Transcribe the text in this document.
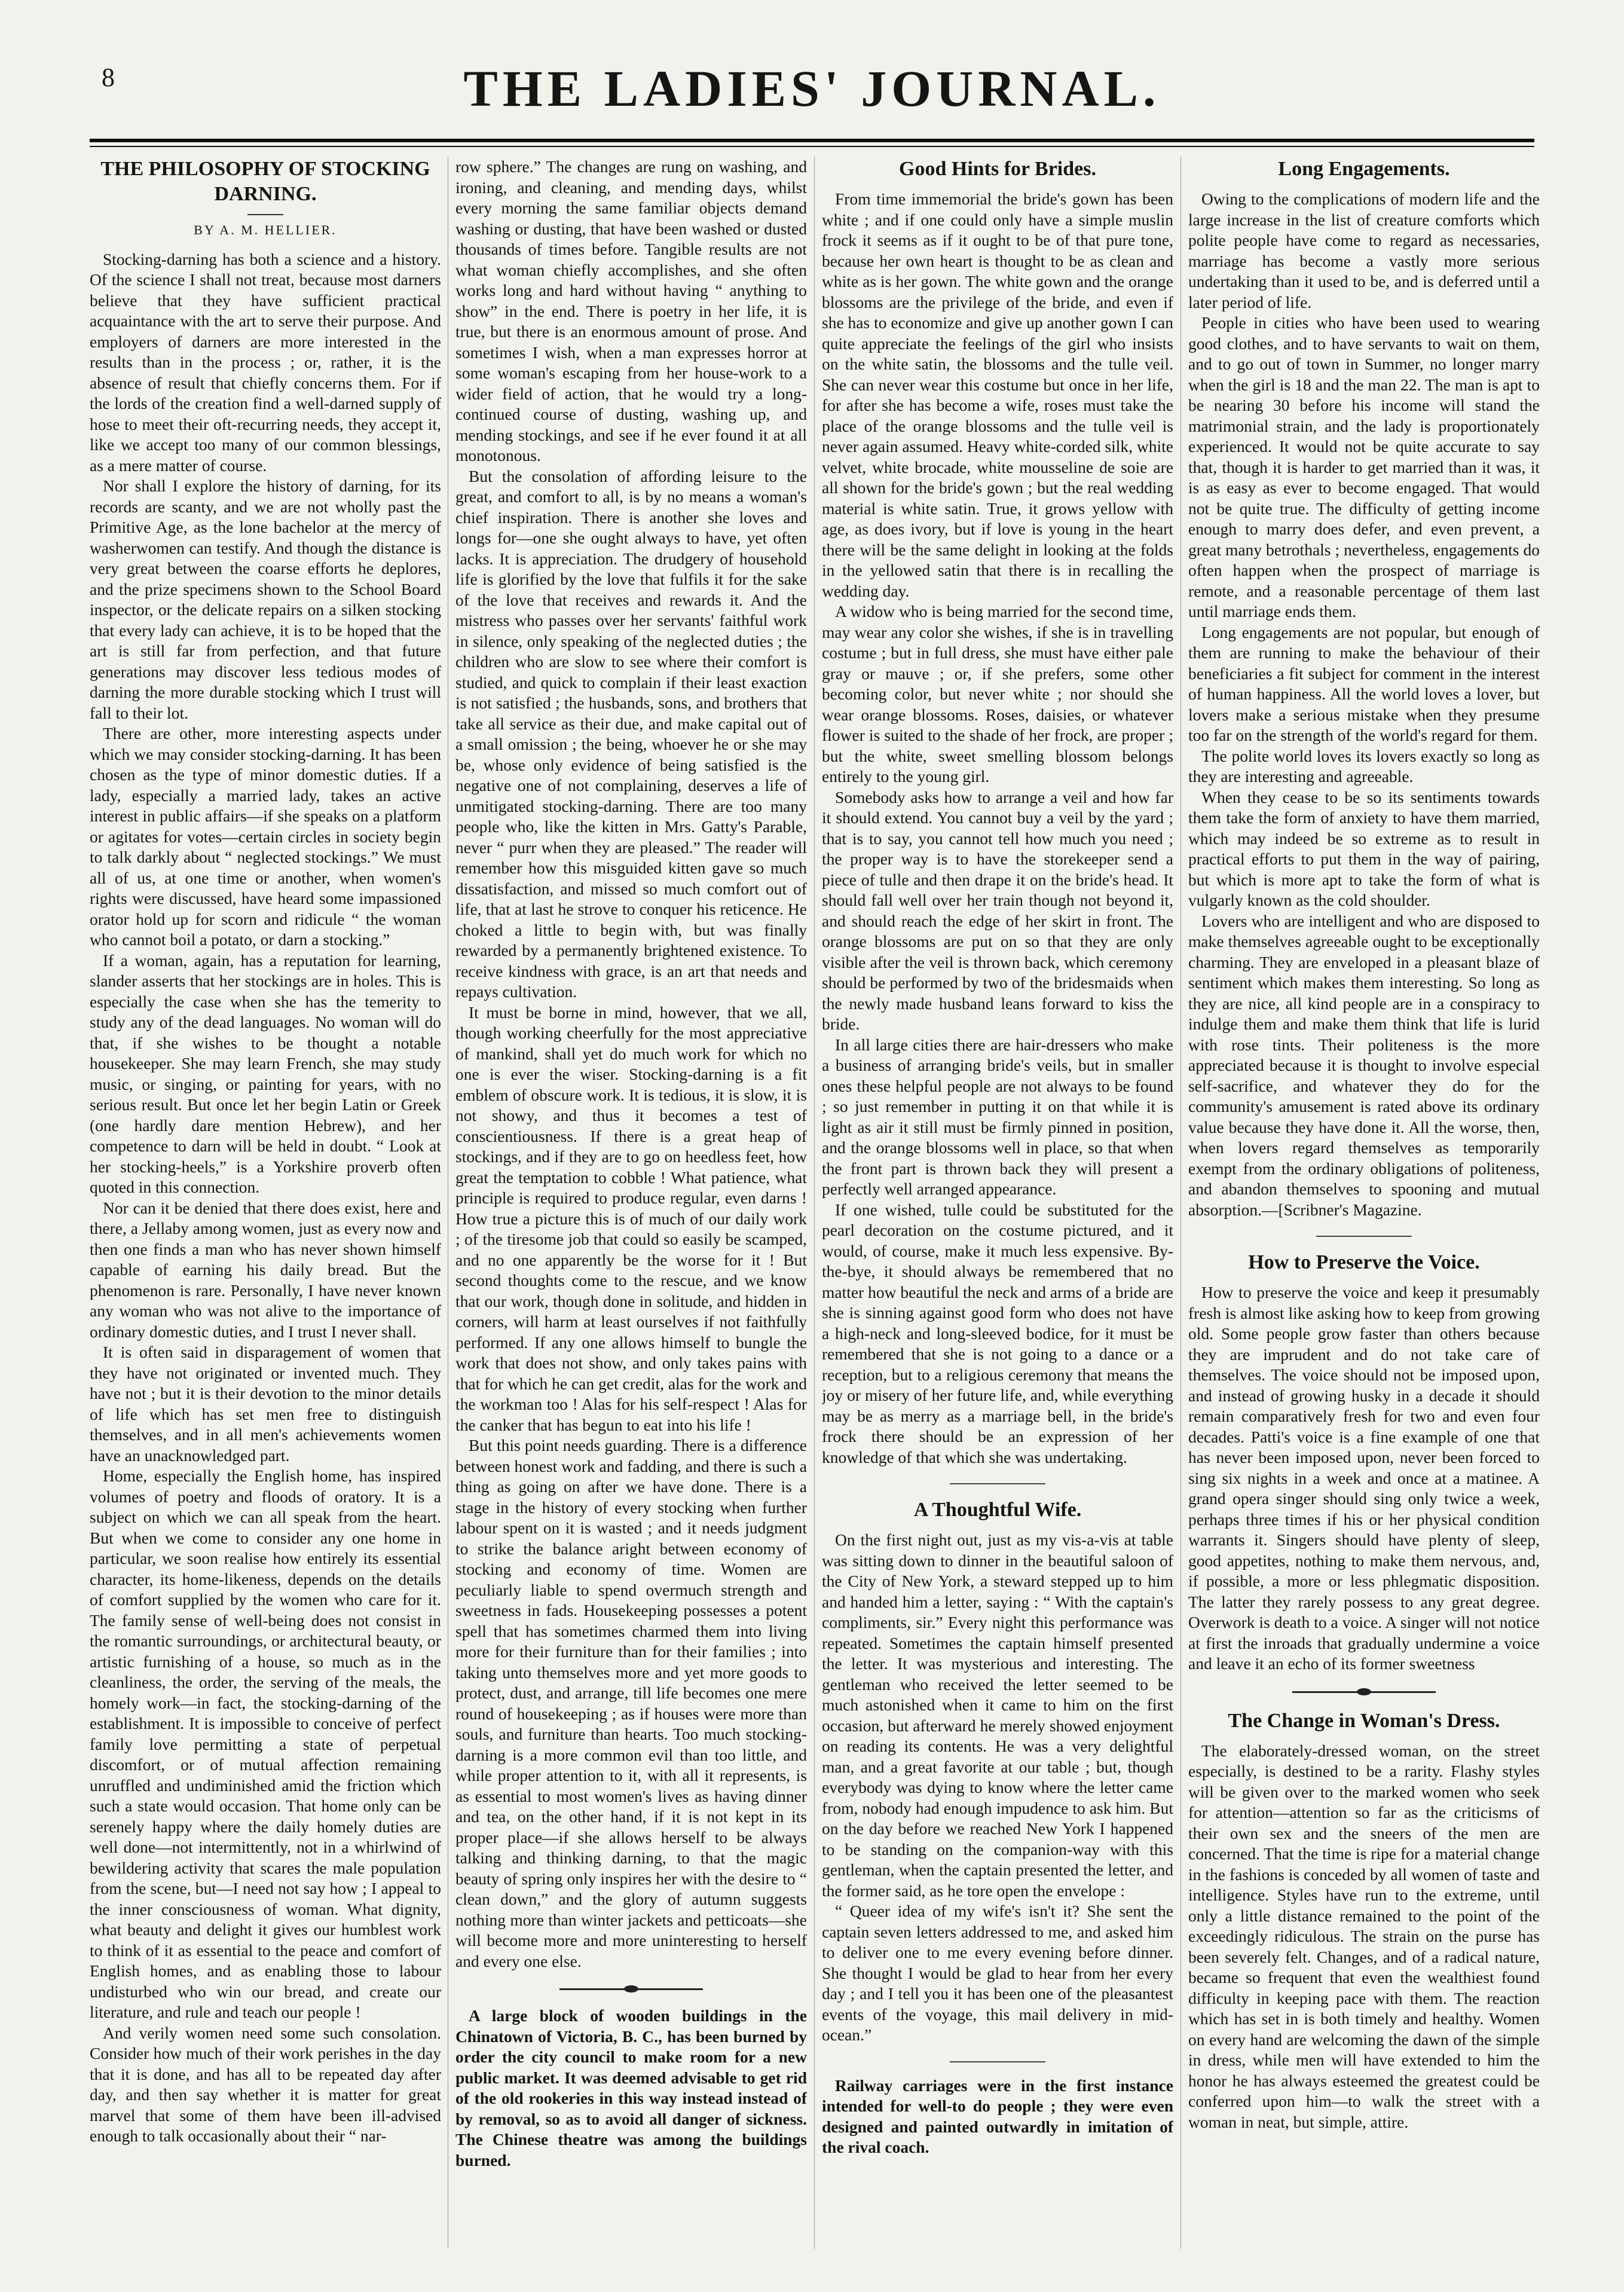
8	THE LADIES' JOURNAL.
THE PHILOSOPHY OF STOCKING DARNING.
BY A. M. HELLIER.

Stocking-darning has both a science and a history. Of the science I shall not treat, because most darners believe that they have sufficient practical acquaintance with the art to serve their purpose. And employers of darners are more interested in the results than in the process ; or, rather, it is the absence of result that chiefly concerns them. For if the lords of the creation find a well-darned supply of hose to meet their oft-recurring needs, they accept it, like we accept too many of our common blessings, as a mere matter of course.

Nor shall I explore the history of darning, for its records are scanty, and we are not wholly past the Primitive Age, as the lone bachelor at the mercy of washerwomen can testify. And though the distance is very great between the coarse efforts he deplores, and the prize specimens shown to the School Board inspector, or the delicate repairs on a silken stocking that every lady can achieve, it is to be hoped that the art is still far from perfection, and that future generations may discover less tedious modes of darning the more durable stocking which I trust will fall to their lot.

There are other, more interesting aspects under which we may consider stocking-darning. It has been chosen as the type of minor domestic duties. If a lady, especially a married lady, takes an active interest in public affairs—if she speaks on a platform or agitates for votes—certain circles in society begin to talk darkly about “ neglected stockings.” We must all of us, at one time or another, when women's rights were discussed, have heard some impassioned orator hold up for scorn and ridicule “ the woman who cannot boil a potato, or darn a stocking.”

If a woman, again, has a reputation for learning, slander asserts that her stockings are in holes. This is especially the case when she has the temerity to study any of the dead languages. No woman will do that, if she wishes to be thought a notable housekeeper. She may learn French, she may study music, or singing, or painting for years, with no serious result. But once let her begin Latin or Greek (one hardly dare mention Hebrew), and her competence to darn will be held in doubt. “ Look at her stocking-heels,” is a Yorkshire proverb often quoted in this connection.

Nor can it be denied that there does exist, here and there, a Jellaby among women, just as every now and then one finds a man who has never shown himself capable of earning his daily bread. But the phenomenon is rare. Personally, I have never known any woman who was not alive to the importance of ordinary domestic duties, and I trust I never shall.

It is often said in disparagement of women that they have not originated or invented much. They have not ; but it is their devotion to the minor details of life which has set men free to distinguish themselves, and in all men's achievements women have an unacknowledged part.

Home, especially the English home, has inspired volumes of poetry and floods of oratory. It is a subject on which we can all speak from the heart. But when we come to consider any one home in particular, we soon realise how entirely its essential character, its home-likeness, depends on the details of comfort supplied by the women who care for it. The family sense of well-being does not consist in the romantic surroundings, or architectural beauty, or artistic furnishing of a house, so much as in the cleanliness, the order, the serving of the meals, the homely work—in fact, the stocking-darning of the establishment. It is impossible to conceive of perfect family love permitting a state of perpetual discomfort, or of mutual affection remaining unruffled and undiminished amid the friction which such a state would occasion. That home only can be serenely happy where the daily homely duties are well done—not intermittently, not in a whirlwind of bewildering activity that scares the male population from the scene, but—I need not say how ; I appeal to the inner consciousness of woman. What dignity, what beauty and delight it gives our humblest work to think of it as essential to the peace and comfort of English homes, and as enabling those to labour undisturbed who win our bread, and create our literature, and rule and teach our people !

And verily women need some such consolation. Consider how much of their work perishes in the day that it is done, and has all to be repeated day after day, and then say whether it is matter for great marvel that some of them have been ill-advised enough to talk occasionally about their “ nar-

row sphere.” The changes are rung on washing, and ironing, and cleaning, and mending days, whilst every morning the same familiar objects demand washing or dusting, that have been washed or dusted thousands of times before. Tangible results are not what woman chiefly accomplishes, and she often works long and hard without having “ anything to show” in the end. There is poetry in her life, it is true, but there is an enormous amount of prose. And sometimes I wish, when a man expresses horror at some woman's escaping from her house-work to a wider field of action, that he would try a long-continued course of dusting, washing up, and mending stockings, and see if he ever found it at all monotonous.

But the consolation of affording leisure to the great, and comfort to all, is by no means a woman's chief inspiration. There is another she loves and longs for—one she ought always to have, yet often lacks. It is appreciation. The drudgery of household life is glorified by the love that fulfils it for the sake of the love that receives and rewards it. And the mistress who passes over her servants' faithful work in silence, only speaking of the neglected duties ; the children who are slow to see where their comfort is studied, and quick to complain if their least exaction is not satisfied ; the husbands, sons, and brothers that take all service as their due, and make capital out of a small omission ; the being, whoever he or she may be, whose only evidence of being satisfied is the negative one of not complaining, deserves a life of unmitigated stocking-darning. There are too many people who, like the kitten in Mrs. Gatty's Parable, never “ purr when they are pleased.” The reader will remember how this misguided kitten gave so much dissatisfaction, and missed so much comfort out of life, that at last he strove to conquer his reticence. He choked a little to begin with, but was finally rewarded by a permanently brightened existence. To receive kindness with grace, is an art that needs and repays cultivation.

It must be borne in mind, however, that we all, though working cheerfully for the most appreciative of mankind, shall yet do much work for which no one is ever the wiser. Stocking-darning is a fit emblem of obscure work. It is tedious, it is slow, it is not showy, and thus it becomes a test of conscientiousness. If there is a great heap of stockings, and if they are to go on heedless feet, how great the temptation to cobble ! What patience, what principle is required to produce regular, even darns ! How true a picture this is of much of our daily work ; of the tiresome job that could so easily be scamped, and no one apparently be the worse for it ! But second thoughts come to the rescue, and we know that our work, though done in solitude, and hidden in corners, will harm at least ourselves if not faithfully performed. If any one allows himself to bungle the work that does not show, and only takes pains with that for which he can get credit, alas for the work and the workman too ! Alas for his self-respect ! Alas for the canker that has begun to eat into his life !

But this point needs guarding. There is a difference between honest work and fadding, and there is such a thing as going on after we have done. There is a stage in the history of every stocking when further labour spent on it is wasted ; and it needs judgment to strike the balance aright between economy of stocking and economy of time. Women are peculiarly liable to spend overmuch strength and sweetness in fads. Housekeeping possesses a potent spell that has sometimes charmed them into living more for their furniture than for their families ; into taking unto themselves more and yet more goods to protect, dust, and arrange, till life becomes one mere round of housekeeping ; as if houses were more than souls, and furniture than hearts. Too much stocking-darning is a more common evil than too little, and while proper attention to it, with all it represents, is as essential to most women's lives as having dinner and tea, on the other hand, if it is not kept in its proper place—if she allows herself to be always talking and thinking darning, to that the magic beauty of spring only inspires her with the desire to “ clean down,” and the glory of autumn suggests nothing more than winter jackets and petticoats—she will become more and more uninteresting to herself and every one else.

A large block of wooden buildings in the Chinatown of Victoria, B. C., has been burned by order the city council to make room for a new public market. It was deemed advisable to get rid of the old rookeries in this way instead instead of by removal, so as to avoid all danger of sickness. The Chinese theatre was among the buildings burned.

Good Hints for Brides.

From time immemorial the bride's gown has been white ; and if one could only have a simple muslin frock it seems as if it ought to be of that pure tone, because her own heart is thought to be as clean and white as is her gown. The white gown and the orange blossoms are the privilege of the bride, and even if she has to economize and give up another gown I can quite appreciate the feelings of the girl who insists on the white satin, the blossoms and the tulle veil. She can never wear this costume but once in her life, for after she has become a wife, roses must take the place of the orange blossoms and the tulle veil is never again assumed. Heavy white-corded silk, white velvet, white brocade, white mousseline de soie are all shown for the bride's gown ; but the real wedding material is white satin. True, it grows yellow with age, as does ivory, but if love is young in the heart there will be the same delight in looking at the folds in the yellowed satin that there is in recalling the wedding day.

A widow who is being married for the second time, may wear any color she wishes, if she is in travelling costume ; but in full dress, she must have either pale gray or mauve ; or, if she prefers, some other becoming color, but never white ; nor should she wear orange blossoms. Roses, daisies, or whatever flower is suited to the shade of her frock, are proper ; but the white, sweet smelling blossom belongs entirely to the young girl.

Somebody asks how to arrange a veil and how far it should extend. You cannot buy a veil by the yard ; that is to say, you cannot tell how much you need ; the proper way is to have the storekeeper send a piece of tulle and then drape it on the bride's head. It should fall well over her train though not beyond it, and should reach the edge of her skirt in front. The orange blossoms are put on so that they are only visible after the veil is thrown back, which ceremony should be performed by two of the bridesmaids when the newly made husband leans forward to kiss the bride.

In all large cities there are hair-dressers who make a business of arranging bride's veils, but in smaller ones these helpful people are not always to be found ; so just remember in putting it on that while it is light as air it still must be firmly pinned in position, and the orange blossoms well in place, so that when the front part is thrown back they will present a perfectly well arranged appearance.

If one wished, tulle could be substituted for the pearl decoration on the costume pictured, and it would, of course, make it much less expensive. By-the-bye, it should always be remembered that no matter how beautiful the neck and arms of a bride are she is sinning against good form who does not have a high-neck and long-sleeved bodice, for it must be remembered that she is not going to a dance or a reception, but to a religious ceremony that means the joy or misery of her future life, and, while everything may be as merry as a marriage bell, in the bride's frock there should be an expression of her knowledge of that which she was undertaking.

A Thoughtful Wife.

On the first night out, just as my vis-a-vis at table was sitting down to dinner in the beautiful saloon of the City of New York, a steward stepped up to him and handed him a letter, saying : “ With the captain's compliments, sir.” Every night this performance was repeated. Sometimes the captain himself presented the letter. It was mysterious and interesting. The gentleman who received the letter seemed to be much astonished when it came to him on the first occasion, but afterward he merely showed enjoyment on reading its contents. He was a very delightful man, and a great favorite at our table ; but, though everybody was dying to know where the letter came from, nobody had enough impudence to ask him. But on the day before we reached New York I happened to be standing on the companion-way with this gentleman, when the captain presented the letter, and the former said, as he tore open the envelope :

“ Queer idea of my wife's isn't it? She sent the captain seven letters addressed to me, and asked him to deliver one to me every evening before dinner. She thought I would be glad to hear from her every day ; and I tell you it has been one of the pleasantest events of the voyage, this mail delivery in mid-ocean.”

Railway carriages were in the first instance intended for well-to do people ; they were even designed and painted outwardly in imitation of the rival coach.

Long Engagements.

Owing to the complications of modern life and the large increase in the list of creature comforts which polite people have come to regard as necessaries, marriage has become a vastly more serious undertaking than it used to be, and is deferred until a later period of life.

People in cities who have been used to wearing good clothes, and to have servants to wait on them, and to go out of town in Summer, no longer marry when the girl is 18 and the man 22. The man is apt to be nearing 30 before his income will stand the matrimonial strain, and the lady is proportionately experienced. It would not be quite accurate to say that, though it is harder to get married than it was, it is as easy as ever to become engaged. That would not be quite true. The difficulty of getting income enough to marry does defer, and even prevent, a great many betrothals ; nevertheless, engagements do often happen when the prospect of marriage is remote, and a reasonable percentage of them last until marriage ends them.

Long engagements are not popular, but enough of them are running to make the behaviour of their beneficiaries a fit subject for comment in the interest of human happiness. All the world loves a lover, but lovers make a serious mistake when they presume too far on the strength of the world's regard for them.

The polite world loves its lovers exactly so long as they are interesting and agreeable.

When they cease to be so its sentiments towards them take the form of anxiety to have them married, which may indeed be so extreme as to result in practical efforts to put them in the way of pairing, but which is more apt to take the form of what is vulgarly known as the cold shoulder.

Lovers who are intelligent and who are disposed to make themselves agreeable ought to be exceptionally charming. They are enveloped in a pleasant blaze of sentiment which makes them interesting. So long as they are nice, all kind people are in a conspiracy to indulge them and make them think that life is lurid with rose tints. Their politeness is the more appreciated because it is thought to involve especial self-sacrifice, and whatever they do for the community's amusement is rated above its ordinary value because they have done it. All the worse, then, when lovers regard themselves as temporarily exempt from the ordinary obligations of politeness, and abandon themselves to spooning and mutual absorption.—[Scribner's Magazine.

How to Preserve the Voice.

How to preserve the voice and keep it presumably fresh is almost like asking how to keep from growing old. Some people grow faster than others because they are imprudent and do not take care of themselves. The voice should not be imposed upon, and instead of growing husky in a decade it should remain comparatively fresh for two and even four decades. Patti's voice is a fine example of one that has never been imposed upon, never been forced to sing six nights in a week and once at a matinee. A grand opera singer should sing only twice a week, perhaps three times if his or her physical condition warrants it. Singers should have plenty of sleep, good appetites, nothing to make them nervous, and, if possible, a more or less phlegmatic disposition. The latter they rarely possess to any great degree. Overwork is death to a voice. A singer will not notice at first the inroads that gradually undermine a voice and leave it an echo of its former sweetness

The Change in Woman's Dress.

The elaborately-dressed woman, on the street especially, is destined to be a rarity. Flashy styles will be given over to the marked women who seek for attention—attention so far as the criticisms of their own sex and the sneers of the men are concerned. That the time is ripe for a material change in the fashions is conceded by all women of taste and intelligence. Styles have run to the extreme, until only a little distance remained to the point of the exceedingly ridiculous. The strain on the purse has been severely felt. Changes, and of a radical nature, became so frequent that even the wealthiest found difficulty in keeping pace with them. The reaction which has set in is both timely and healthy. Women on every hand are welcoming the dawn of the simple in dress, while men will have extended to him the honor he has always esteemed the greatest could be conferred upon him—to walk the street with a woman in neat, but simple, attire.
